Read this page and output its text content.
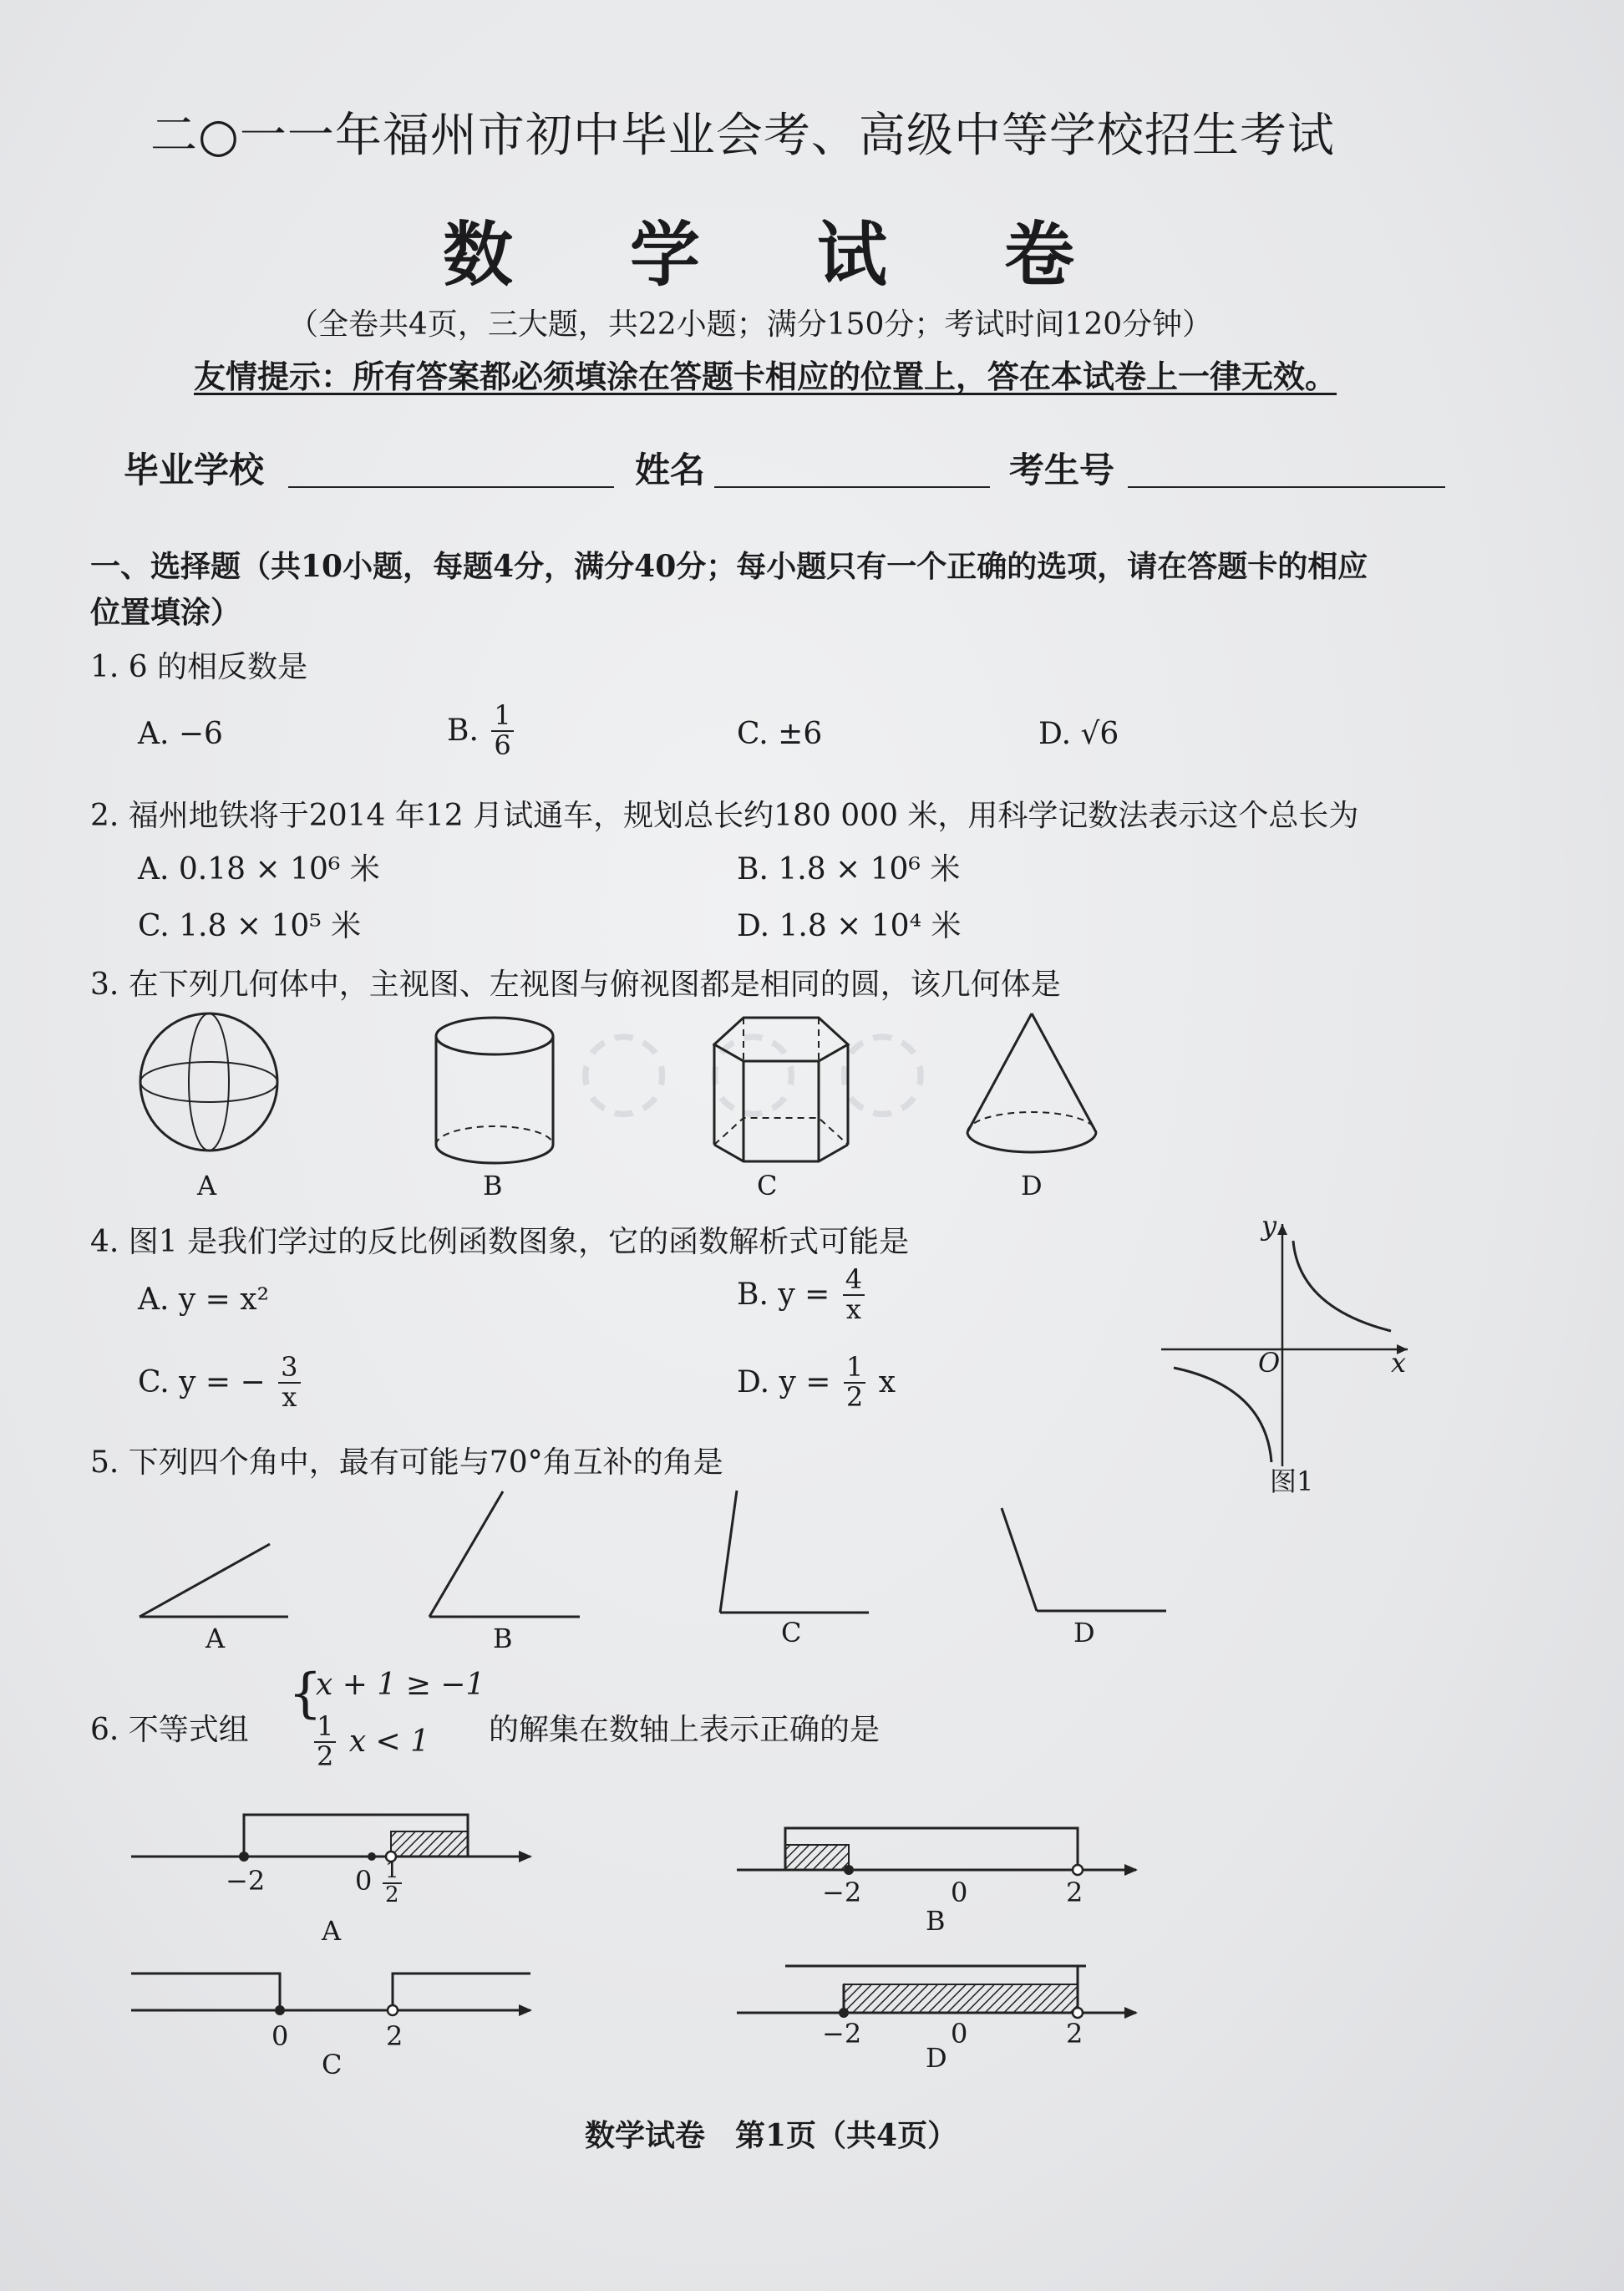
◌ ◌ ◌
二○一一年福州市初中毕业会考、高级中等学校招生考试
数学试卷
（全卷共4页，三大题，共22小题；满分150分；考试时间120分钟）
友情提示：所有答案都必须填涂在答题卡相应的位置上，答在本试卷上一律无效。
毕业学校	姓名	考生号
一、选择题（共10小题，每题4分，满分40分；每小题只有一个正确的选项，请在答题卡的相应
位置填涂）
1. 6 的相反数是
A. −6	B. $\frac{1}{6}$	C. ±6	D. √6
2. 福州地铁将于2014 年12 月试通车，规划总长约180 000 米，用科学记数法表示这个总长为
A. 0.18 × 10⁶ 米	B. 1.8 × 10⁶ 米
C. 1.8 × 10⁵ 米	D. 1.8 × 10⁴ 米
3. 在下列几何体中，主视图、左视图与俯视图都是相同的圆，该几何体是
A	B	C	D
4. 图1 是我们学过的反比例函数图象，它的函数解析式可能是
A. y = x²	B. $y = \frac{4}{x}$
C. y = − $\frac{3}{x}$	D. $y = \frac{1}{2}$ x
y
x
O
图1
5. 下列四个角中，最有可能与70°角互补的角是
A	B	C	D
6. 不等式组
{
x + 1 ≥ −1
$\frac{1}{2}$ x < 1 的解集在数轴上表示正确的是
−2	$0 \frac{1}{2}$
A
−2	0	2
B
0	2
C
−2	0	2
D
数学试卷　第1页（共4页）
